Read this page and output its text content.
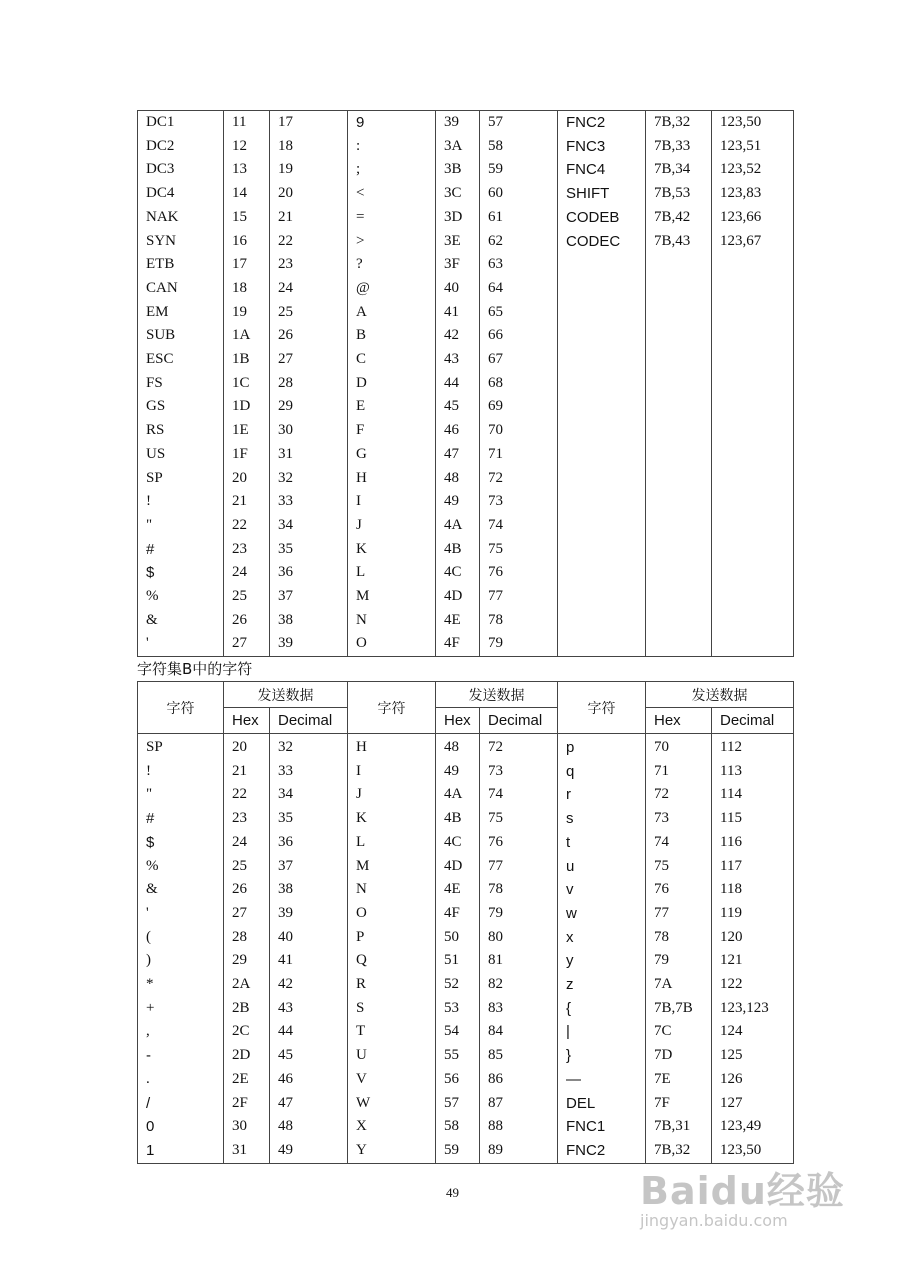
DC1	11	17	9	39	57	FNC2	7B,32	123,50
DC2	12	18	:	3A	58	FNC3	7B,33	123,51
DC3	13	19	;	3B	59	FNC4	7B,34	123,52
DC4	14	20	<	3C	60	SHIFT	7B,53	123,83
NAK	15	21	=	3D	61	CODEB	7B,42	123,66
SYN	16	22	>	3E	62	CODEC	7B,43	123,67
ETB	17	23	?	3F	63			
CAN	18	24	@	40	64			
EM	19	25	A	41	65			
SUB	1A	26	B	42	66			
ESC	1B	27	C	43	67			
FS	1C	28	D	44	68			
GS	1D	29	E	45	69			
RS	1E	30	F	46	70			
US	1F	31	G	47	71			
SP	20	32	H	48	72			
!	21	33	I	49	73			
"	22	34	J	4A	74			
#	23	35	K	4B	75			
$	24	36	L	4C	76			
%	25	37	M	4D	77			
&	26	38	N	4E	78			
'	27	39	O	4F	79			
字符集B中的字符
字符	发送数据		字符	发送数据		字符	发送数据	
	Hex	Decimal		Hex	Decimal		Hex	Decimal
SP	20	32	H	48	72	p	70	112
!	21	33	I	49	73	q	71	113
"	22	34	J	4A	74	r	72	114
#	23	35	K	4B	75	s	73	115
$	24	36	L	4C	76	t	74	116
%	25	37	M	4D	77	u	75	117
&	26	38	N	4E	78	v	76	118
'	27	39	O	4F	79	w	77	119
(	28	40	P	50	80	x	78	120
)	29	41	Q	51	81	y	79	121
*	2A	42	R	52	82	z	7A	122
+	2B	43	S	53	83	{	7B,7B	123,123
,	2C	44	T	54	84	|	7C	124
-	2D	45	U	55	85	}	7D	125
.	2E	46	V	56	86	—	7E	126
/	2F	47	W	57	87	DEL	7F	127
0	30	48	X	58	88	FNC1	7B,31	123,49
1	31	49	Y	59	89	FNC2	7B,32	123,50
49	Baidu经验
jingyan.baidu.com
